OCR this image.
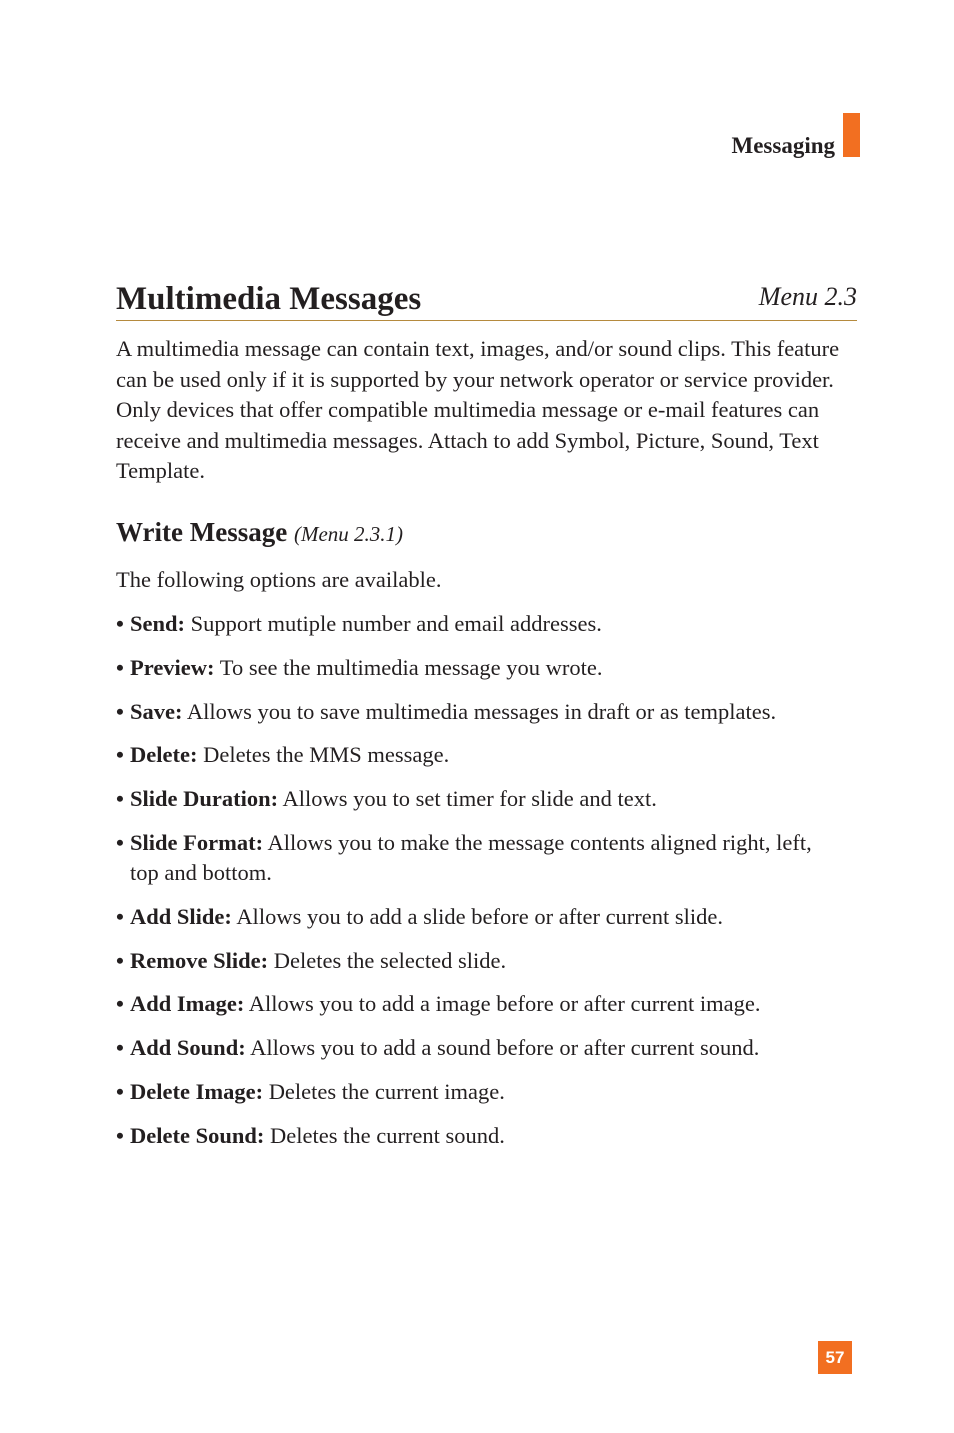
Messaging
Multimedia Messages	Menu 2.3

A multimedia message can contain text, images, and/or sound clips. This feature can be used only if it is supported by your network operator or service provider. Only devices that offer compatible multimedia message or e-mail features can receive and multimedia messages. Attach to add Symbol, Picture, Sound, Text Template.

Write Message (Menu 2.3.1)

The following options are available.

• Send: Support mutiple number and email addresses.
• Preview: To see the multimedia message you wrote.
• Save: Allows you to save multimedia messages in draft or as templates.
• Delete: Deletes the MMS message.
• Slide Duration: Allows you to set timer for slide and text.
• Slide Format: Allows you to make the message contents aligned right, left, top and bottom.
• Add Slide: Allows you to add a slide before or after current slide.
• Remove Slide: Deletes the selected slide.
• Add Image: Allows you to add a image before or after current image.
• Add Sound: Allows you to add a sound before or after current sound.
• Delete Image: Deletes the current image.
• Delete Sound: Deletes the current sound.
57
